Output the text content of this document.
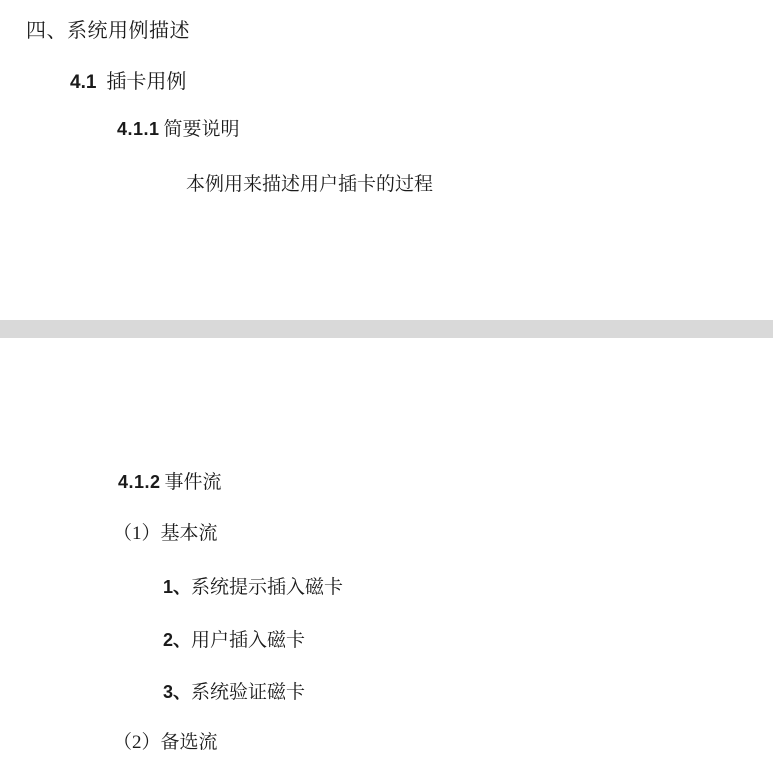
四、系统用例描述
4.1 插卡用例
4.1.1 简要说明
本例用来描述用户插卡的过程
4.1.2 事件流
（1）基本流
1、系统提示插入磁卡
2、用户插入磁卡
3、系统验证磁卡
（2）备选流
